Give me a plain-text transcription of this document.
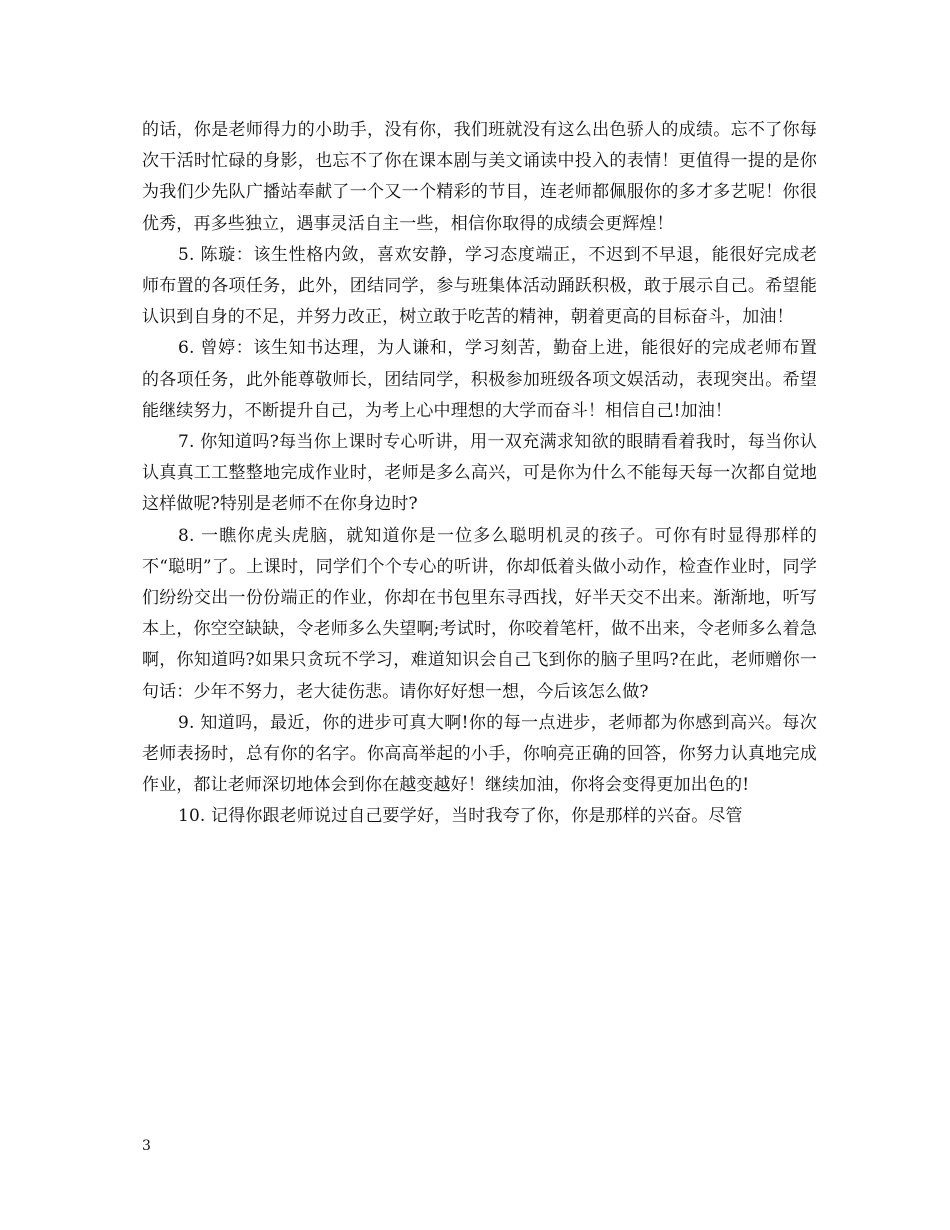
的话，你是老师得力的小助手，没有你，我们班就没有这么出色骄人的成绩。忘不了你每次干活时忙碌的身影，也忘不了你在课本剧与美文诵读中投入的表情！更值得一提的是你为我们少先队广播站奉献了一个又一个精彩的节目，连老师都佩服你的多才多艺呢！你很优秀，再多些独立，遇事灵活自主一些，相信你取得的成绩会更辉煌！

5. 陈璇：该生性格内敛，喜欢安静，学习态度端正，不迟到不早退，能很好完成老师布置的各项任务，此外，团结同学，参与班集体活动踊跃积极，敢于展示自己。希望能认识到自身的不足，并努力改正，树立敢于吃苦的精神，朝着更高的目标奋斗，加油！

6. 曾婷：该生知书达理，为人谦和，学习刻苦，勤奋上进，能很好的完成老师布置的各项任务，此外能尊敬师长，团结同学，积极参加班级各项文娱活动，表现突出。希望能继续努力，不断提升自己，为考上心中理想的大学而奋斗！相信自己!加油！

7. 你知道吗?每当你上课时专心听讲，用一双充满求知欲的眼睛看着我时，每当你认认真真工工整整地完成作业时，老师是多么高兴，可是你为什么不能每天每一次都自觉地这样做呢?特别是老师不在你身边时?

8. 一瞧你虎头虎脑，就知道你是一位多么聪明机灵的孩子。可你有时显得那样的不“聪明”了。上课时，同学们个个专心的听讲，你却低着头做小动作，检查作业时，同学们纷纷交出一份份端正的作业，你却在书包里东寻西找，好半天交不出来。渐渐地，听写本上，你空空缺缺，令老师多么失望啊;考试时，你咬着笔杆，做不出来，令老师多么着急啊，你知道吗?如果只贪玩不学习，难道知识会自己飞到你的脑子里吗?在此，老师赠你一句话：少年不努力，老大徒伤悲。请你好好想一想，今后该怎么做?

9. 知道吗，最近，你的进步可真大啊!你的每一点进步，老师都为你感到高兴。每次老师表扬时，总有你的名字。你高高举起的小手，你响亮正确的回答，你努力认真地完成作业，都让老师深切地体会到你在越变越好！继续加油，你将会变得更加出色的!

10. 记得你跟老师说过自己要学好，当时我夸了你，你是那样的兴奋。尽管

3
